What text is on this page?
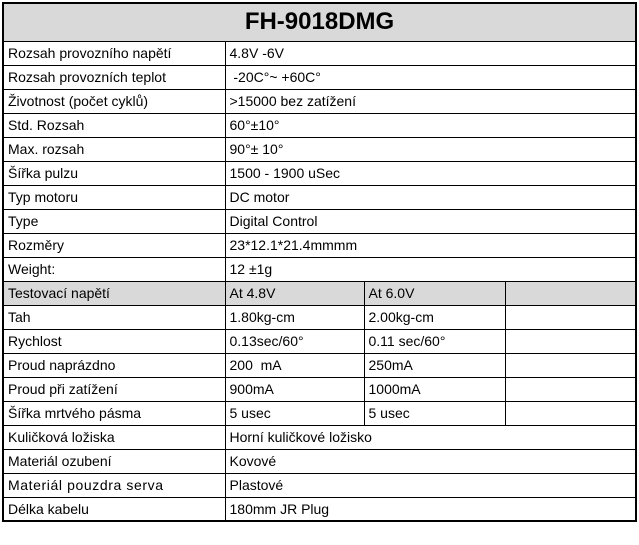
FH-9018DMG			
Rozsah provozního napětí	4.8V -6V		
Rozsah provozních teplot	-20C°~ +60C°		
Životnost (počet cyklů)	>15000 bez zatížení		
Std. Rozsah	60°±10°		
Max. rozsah	90°± 10°		
Šířka pulzu	1500 - 1900 uSec		
Typ motoru	DC motor		
Type	Digital Control		
Rozměry	23*12.1*21.4mmmm		
Weight:	12 ±1g		
Testovací napětí	At 4.8V	At 6.0V	
Tah	1.80kg-cm	2.00kg-cm	
Rychlost	0.13sec/60°	0.11 sec/60°	
Proud naprázdno	200  mA	250mA	
Proud při zatížení	900mA	1000mA	
Šířka mrtvého pásma	5 usec	5 usec	
Kuličková ložiska	Horní kuličkové ložisko		
Materiál ozubení	Kovové		
Materiál pouzdra serva	Plastové		
Délka kabelu	180mm JR Plug		
